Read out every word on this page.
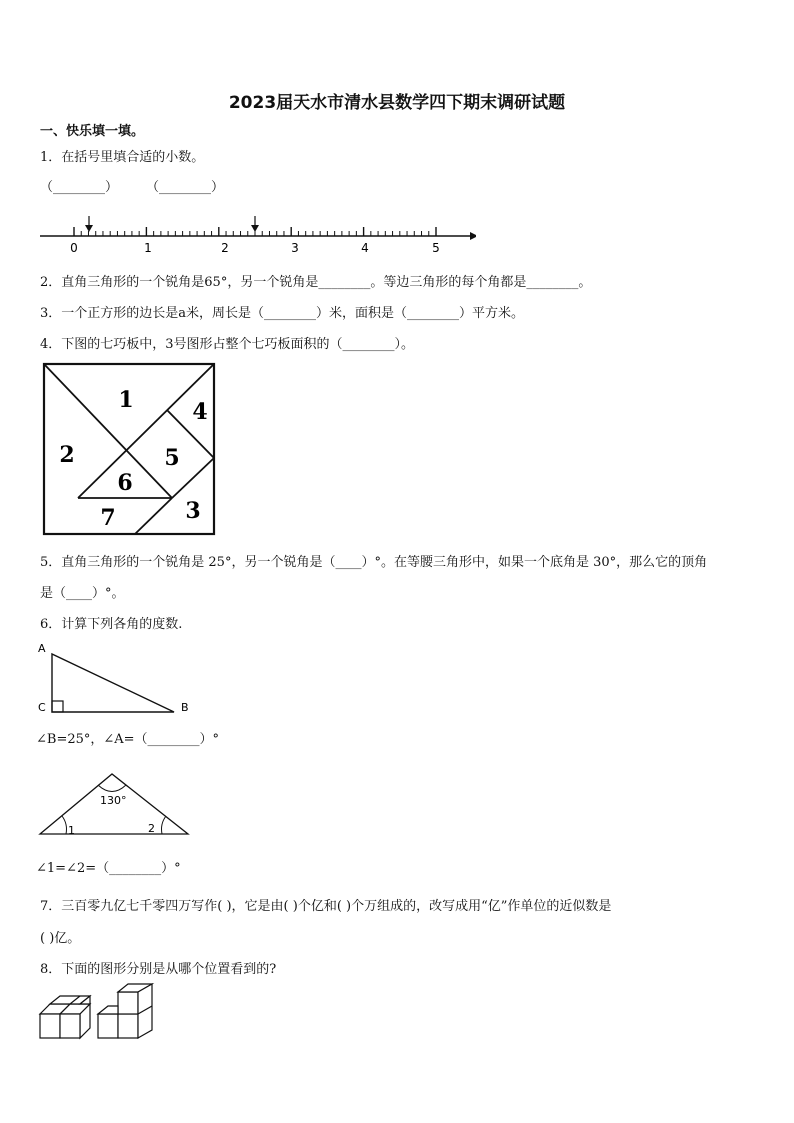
2023届天水市清水县数学四下期末调研试题
一、快乐填一填。
1．在括号里填合适的小数。
（________） （________）
0	1	2	3	4	5
2．直角三角形的一个锐角是65°，另一个锐角是________。等边三角形的每个角都是________。
3．一个正方形的边长是a米，周长是（________）米，面积是（________）平方米。
4．下图的七巧板中，3号图形占整个七巧板面积的（________）。
1
2
3
4
5
6
7
5．直角三角形的一个锐角是 25°，另一个锐角是（____）°。在等腰三角形中，如果一个底角是 30°，那么它的顶角
是（____）°。
6．计算下列各角的度数.
A
C	B
∠B=25°，∠A=（________）°
130°
1	2
∠1=∠2=（________）°
7．三百零九亿七千零四万写作( )，它是由( )个亿和( )个万组成的，改写成用“亿”作单位的近似数是
( )亿。
8．下面的图形分别是从哪个位置看到的?
